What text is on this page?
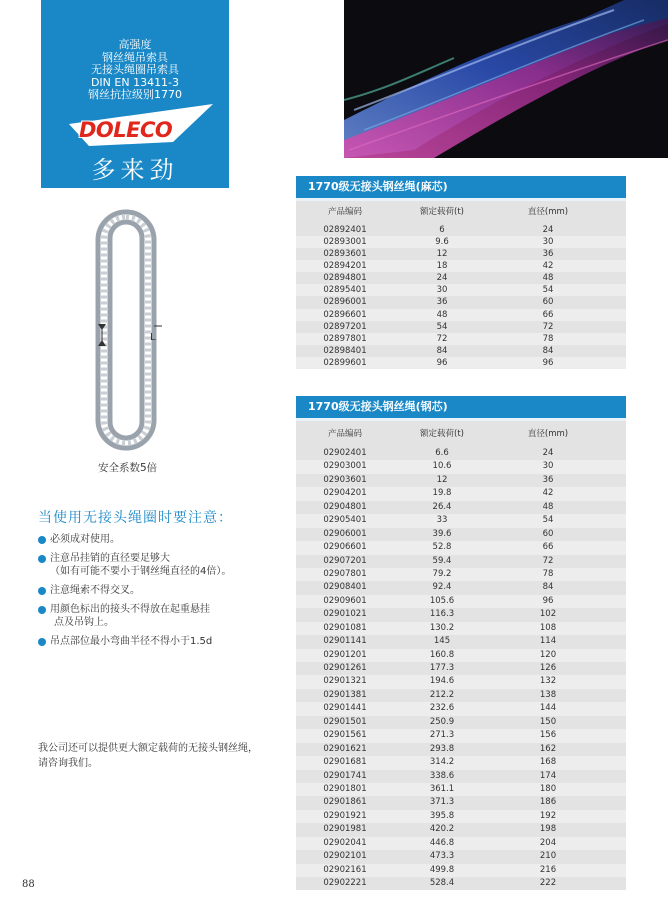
高强度
钢丝绳吊索具
无接头绳圈吊索具
DIN EN 13411-3
钢丝抗拉级别1770
DOLECO
多来劲
L
安全系数5倍
当使用无接头绳圈时要注意：
必须成对使用。
注意吊挂销的直径要足够大
（如有可能不要小于钢丝绳直径的4倍）。
注意绳索不得交叉。
用颜色标出的接头不得放在起重悬挂
点及吊钩上。
吊点部位最小弯曲半径不得小于1.5d
我公司还可以提供更大额定载荷的无接头钢丝绳，
请咨询我们。
88
1770级无接头钢丝绳(麻芯)
产品编码	额定载荷(t)	直径(mm)
02892401	6	24
02893001	9.6	30
02893601	12	36
02894201	18	42
02894801	24	48
02895401	30	54
02896001	36	60
02896601	48	66
02897201	54	72
02897801	72	78
02898401	84	84
02899601	96	96
1770级无接头钢丝绳(钢芯)
产品编码	额定载荷(t)	直径(mm)
02902401	6.6	24
02903001	10.6	30
02903601	12	36
02904201	19.8	42
02904801	26.4	48
02905401	33	54
02906001	39.6	60
02906601	52.8	66
02907201	59.4	72
02907801	79.2	78
02908401	92.4	84
02909601	105.6	96
02901021	116.3	102
02901081	130.2	108
02901141	145	114
02901201	160.8	120
02901261	177.3	126
02901321	194.6	132
02901381	212.2	138
02901441	232.6	144
02901501	250.9	150
02901561	271.3	156
02901621	293.8	162
02901681	314.2	168
02901741	338.6	174
02901801	361.1	180
02901861	371.3	186
02901921	395.8	192
02901981	420.2	198
02902041	446.8	204
02902101	473.3	210
02902161	499.8	216
02902221	528.4	222
